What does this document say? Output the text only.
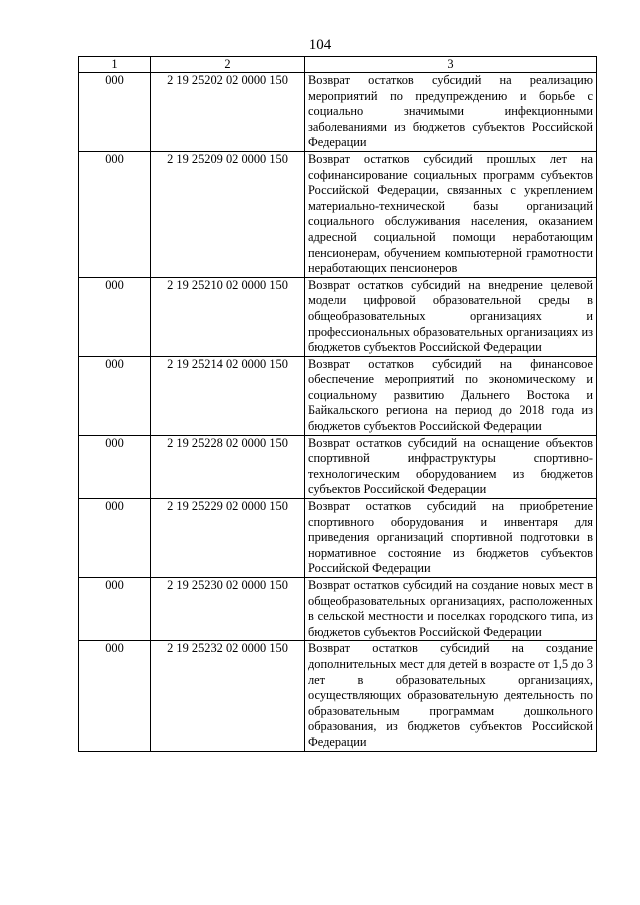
104
1	2	3
000	2 19 25202 02 0000 150	Возврат остатков субсидий на реализацию мероприятий по предупреждению и борьбе с социально значимыми инфекционными заболеваниями из бюджетов субъектов Российской Федерации
000	2 19 25209 02 0000 150	Возврат остатков субсидий прошлых лет на софинансирование социальных программ субъектов Российской Федерации, связанных с укреплением материально-технической базы организаций социального обслуживания населения, оказанием адресной социальной помощи неработающим пенсионерам, обучением компьютерной грамотности неработающих пенсионеров
000	2 19 25210 02 0000 150	Возврат остатков субсидий на внедрение целевой модели цифровой образовательной среды в общеобразовательных организациях и профессиональных образовательных организациях из бюджетов субъектов Российской Федерации
000	2 19 25214 02 0000 150	Возврат остатков субсидий на финансовое обеспечение мероприятий по экономическому и социальному развитию Дальнего Востока и Байкальского региона на период до 2018 года из бюджетов субъектов Российской Федерации
000	2 19 25228 02 0000 150	Возврат остатков субсидий на оснащение объектов спортивной инфраструктуры спортивно-технологическим оборудованием из бюджетов субъектов Российской Федерации
000	2 19 25229 02 0000 150	Возврат остатков субсидий на приобретение спортивного оборудования и инвентаря для приведения организаций спортивной подготовки в нормативное состояние из бюджетов субъектов Российской Федерации
000	2 19 25230 02 0000 150	Возврат остатков субсидий на создание новых мест в общеобразовательных организациях, расположенных в сельской местности и поселках городского типа, из бюджетов субъектов Российской Федерации
000	2 19 25232 02 0000 150	Возврат остатков субсидий на создание дополнительных мест для детей в возрасте от 1,5 до 3 лет в образовательных организациях, осуществляющих образовательную деятельность по образовательным программам дошкольного образования, из бюджетов субъектов Российской Федерации
